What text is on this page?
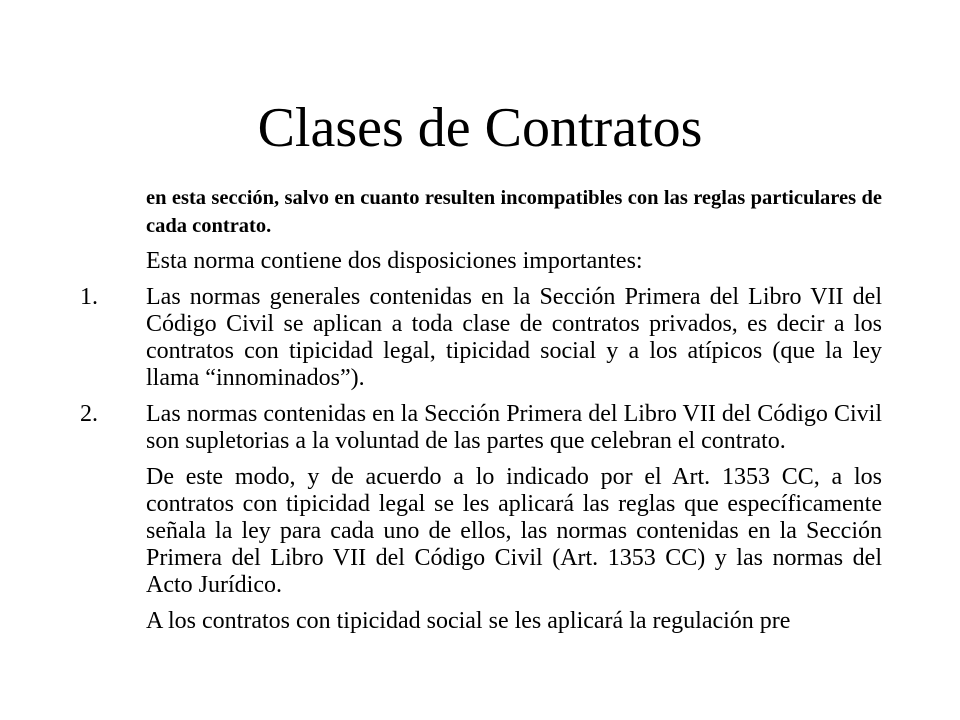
Clases de Contratos

en esta sección, salvo en cuanto resulten incompatibles con las reglas particulares de cada contrato.

Esta norma contiene dos disposiciones importantes:

1.	Las normas generales contenidas en la Sección Primera del Libro VII del Código Civil se aplican a toda clase de contratos privados, es decir a los contratos con tipicidad legal, tipicidad social y a los atípicos (que la ley llama “innominados”).
2.	Las normas contenidas en la Sección Primera del Libro VII del Código Civil son supletorias a la voluntad de las partes que celebran el contrato.

De este modo, y de acuerdo a lo indicado por el Art. 1353 CC, a los contratos con tipicidad legal se les aplicará las reglas que específicamente señala la ley para cada uno de ellos, las normas contenidas en la Sección Primera del Libro VII del Código Civil (Art. 1353 CC) y las normas del Acto Jurídico.

A los contratos con tipicidad social se les aplicará la regulación pre
